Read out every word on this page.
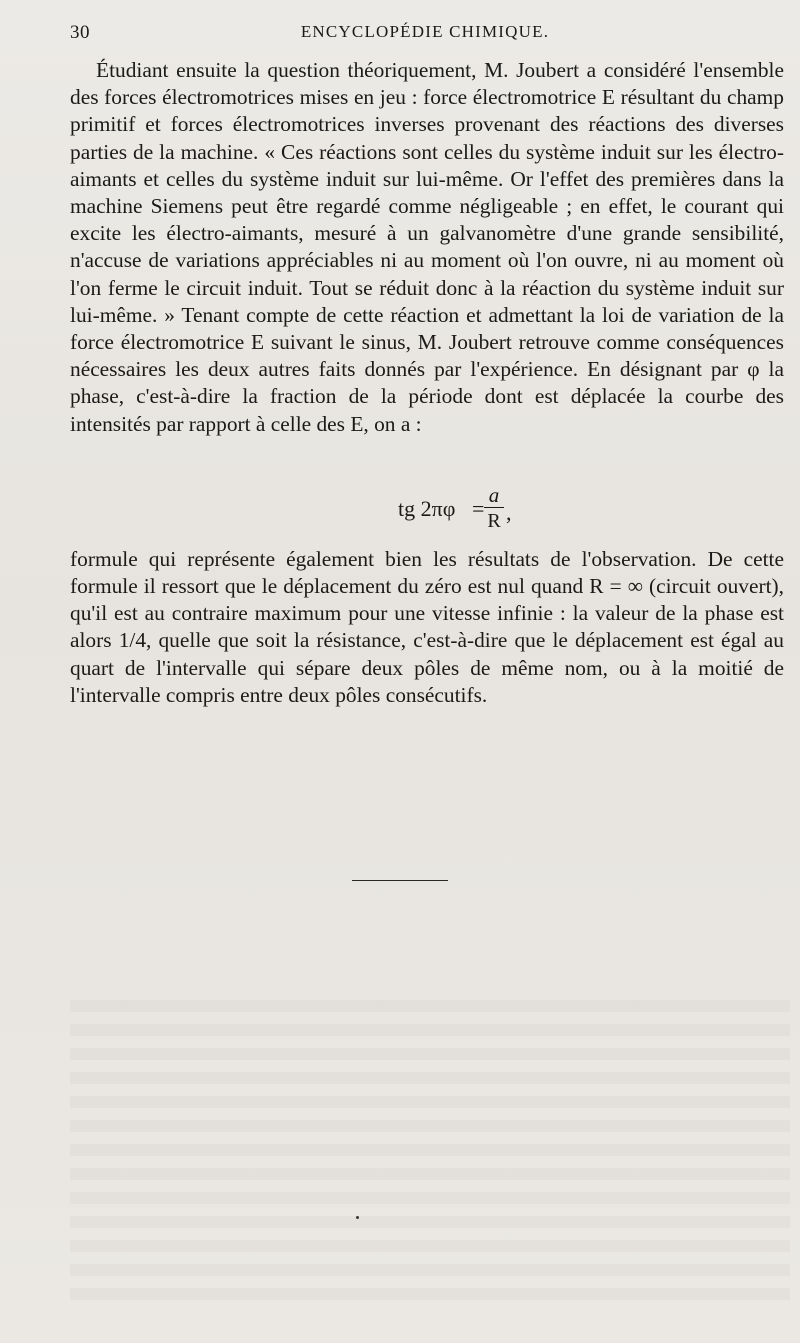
30	ENCYCLOPÉDIE CHIMIQUE.

Étudiant ensuite la question théoriquement, M. Joubert a considéré l'ensemble des forces électromotrices mises en jeu : force électromotrice E résultant du champ primitif et forces électromotrices inverses provenant des réactions des diverses parties de la machine. « Ces réactions sont celles du système induit sur les électro-aimants et celles du système induit sur lui-même. Or l'effet des premières dans la machine Siemens peut être regardé comme négligeable ; en effet, le courant qui excite les électro-aimants, mesuré à un galvanomètre d'une grande sensibilité, n'accuse de variations appréciables ni au moment où l'on ouvre, ni au moment où l'on ferme le circuit induit. Tout se réduit donc à la réaction du système induit sur lui-même. » Tenant compte de cette réaction et admettant la loi de variation de la force électromotrice E suivant le sinus, M. Joubert retrouve comme conséquences nécessaires les deux autres faits donnés par l'expérience. En désignant par φ la phase, c'est-à-dire la fraction de la période dont est déplacée la courbe des intensités par rapport à celle des E, on a :

formule qui représente également bien les résultats de l'observation. De cette formule il ressort que le déplacement du zéro est nul quand R = ∞ (circuit ouvert), qu'il est au contraire maximum pour une vitesse infinie : la valeur de la phase est alors 1/4, quelle que soit la résistance, c'est-à-dire que le déplacement est égal au quart de l'intervalle qui sépare deux pôles de même nom, ou à la moitié de l'intervalle compris entre deux pôles consécutifs.

tg 2πφ =
a
R ,
